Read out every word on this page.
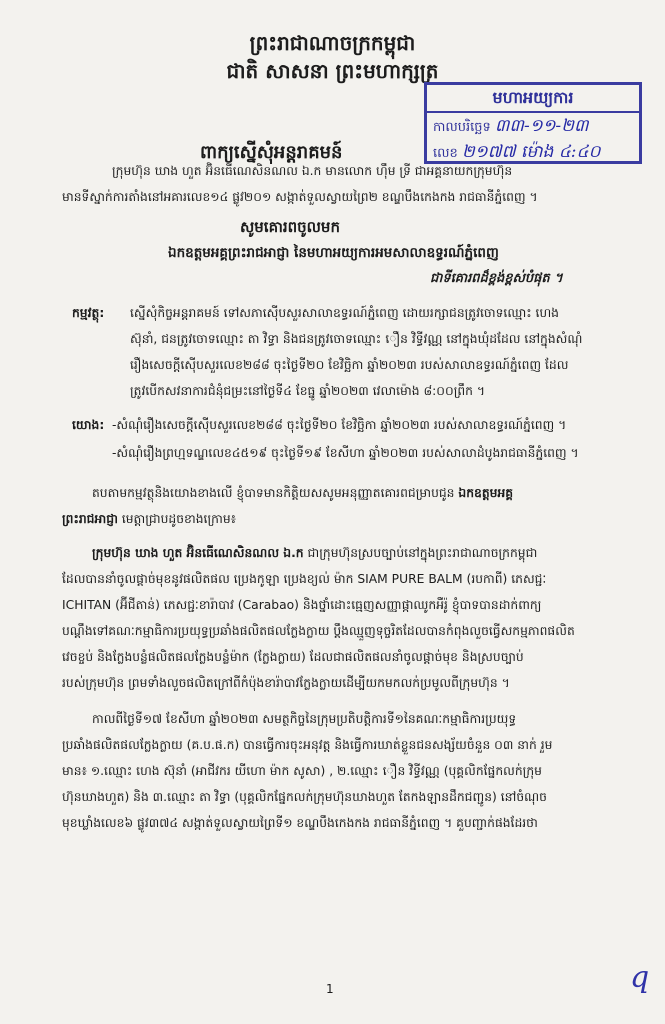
ព្រះរាជាណាចក្រកម្ពុជា
ជាតិ សាសនា ព្រះមហាក្សត្រ
មហាអយ្យការ
កាលបរិច្ឆេទ ៣៣-១១-២៣
លេខ ២១៧៧ ម៉ោង ៤:៤០
ពាក្យស្នើសុំអន្តរាគមន៍
ក្រុមហ៊ុន ឃាង ហួត អ៊ិនធើណេសិនណល ឯ.ក មានលោក ហ៊ឹម ទ្រី ជាអគ្គនាយកក្រុមហ៊ុន
មានទីស្នាក់ការតាំងនៅអគារលេខ១៤ ផ្លូវ២០១ សង្កាត់ទួលស្វាយព្រៃ២ ខណ្ឌបឹងកេងកង រាជធានីភ្នំពេញ ។
សូមគោរពចូលមក
ឯកឧត្តមអគ្គព្រះរាជអាជ្ញា នៃមហាអយ្យការអមសាលាឧទ្ធរណ៍ភ្នំពេញ
ជាទីគោរពដ៏ខ្ពង់ខ្ពស់បំផុត ។
កម្មវត្ថុ: ស្នើសុំកិច្ចអន្តរាគមន៍ ទៅសភាស៊ើបសួរសាលាឧទ្ធរណ៍ភ្នំពេញ ដោយរក្សាជនត្រូវចោទឈ្មោះ ហេង
ស៊ុនាំ, ជនត្រូវចោទឈ្មោះ តា វិទ្ធា និងជនត្រូវចោទឈ្មោះ ឿន វិទ្ធីវណ្ណ នៅក្នុងឃុំដដែល នៅក្នុងសំណុំ
រឿងសេចក្តីស៊ើបសួរលេខ២៨៨ ចុះថ្ងៃទី២០ ខែវិច្ឆិកា ឆ្នាំ២០២៣ របស់សាលាឧទ្ធរណ៍ភ្នំពេញ ដែល
ត្រូវបើកសវនាការជំនុំជម្រះនៅថ្ងៃទី៤ ខែធ្នូ ឆ្នាំ២០២៣ វេលាម៉ោង ៨:០០ព្រឹក ។
យោង: -សំណុំរឿងសេចក្តីស៊ើបសួរលេខ២៨៨ ចុះថ្ងៃទី២០ ខែវិច្ឆិកា ឆ្នាំ២០២៣ របស់សាលាឧទ្ធរណ៍ភ្នំពេញ ។
-សំណុំរឿងព្រហ្មទណ្ឌលេខ៤៥១៩ ចុះថ្ងៃទី១៩ ខែសីហា ឆ្នាំ២០២៣ របស់សាលាដំបូងរាជធានីភ្នំពេញ ។
តបតាមកម្មវត្ថុនិងយោងខាងលើ ខ្ញុំបាទមានកិត្តិយសសូមអនុញ្ញាតគោរពជម្រាបជូន ឯកឧត្តមអគ្គ
ព្រះរាជអាជ្ញា មេត្តាជ្រាបដូចខាងក្រោម៖
ក្រុមហ៊ុន ឃាង ហួត អ៊ិនធើណេសិនណល ឯ.ក ជាក្រុមហ៊ុនស្របច្បាប់នៅក្នុងព្រះរាជាណាចក្រកម្ពុជា
ដែលបាននាំចូលផ្តាច់មុខនូវផលិតផល ប្រេងកូឡា ប្រេងខ្យល់ ម៉ាក SIAM PURE BALM (របកាពី) ភេសជ្ជៈ
ICHITAN (អ៊ីជីតាន់) ភេសជ្ជៈខារ៉ាបាវ (Carabao) និងថ្នាំដោះធ្មេញសញ្ញាផ្កាឈូកអឺរ៉ូ ខ្ញុំបាទបានដាក់ពាក្យ
បណ្តឹងទៅគណៈកម្មាធិការប្រយុទ្ធប្រឆាំងផលិតផលក្លែងក្លាយ ប្តឹងឈ្មួញទុច្ចរិតដែលបានកំពុងលួចធ្វើសកម្មភាពផលិត
វេចខ្ចប់ និងក្លែងបន្លំផលិតផលក្លែងបន្លំម៉ាក (ក្លែងក្លាយ) ដែលជាផលិតផលនាំចូលផ្តាច់មុខ និងស្របច្បាប់
របស់ក្រុមហ៊ុន ព្រមទាំងលួចផលិតក្រៅពីកំប៉ុងខារ៉ាបាវក្លែងក្លាយដើម្បីយកមកលក់ប្រមូលពីក្រុមហ៊ុន ។
កាលពីថ្ងៃទី១៧ ខែសីហា ឆ្នាំ២០២៣ សមត្ថកិច្ចនៃក្រុមប្រតិបត្តិការទី១នៃគណៈកម្មាធិការប្រយុទ្ធ
ប្រឆាំងផលិតផលក្លែងក្លាយ (គ.ប.ផ.ក) បានធ្វើការចុះអនុវត្ត និងធ្វើការឃាត់ខ្លួនជនសង្ស័យចំនួន ០៣ នាក់ រួម
មាន៖ ១.ឈ្មោះ ហេង ស៊ុនាំ (អាជីវករ យីហោ ម៉ាក សូសា) , ២.ឈ្មោះ ឿន វិទ្ធីវណ្ណ (បុគ្គលិកផ្នែកលក់ក្រុម
ហ៊ុនឃាងហួត) និង ៣.ឈ្មោះ តា វិទ្ធា (បុគ្គលិកផ្នែកលក់ក្រុមហ៊ុនឃាងហួត តែកងឡានដឹកជញ្ជូន) នៅចំណុច
មុខឃ្លាំងលេខ៦ ផ្លូវ៣៧៤ សង្កាត់ទួលស្វាយព្រៃទី១ ខណ្ឌបឹងកេងកង រាជធានីភ្នំពេញ ។ គួបញ្ជាក់ផងដែរថា
1	q
